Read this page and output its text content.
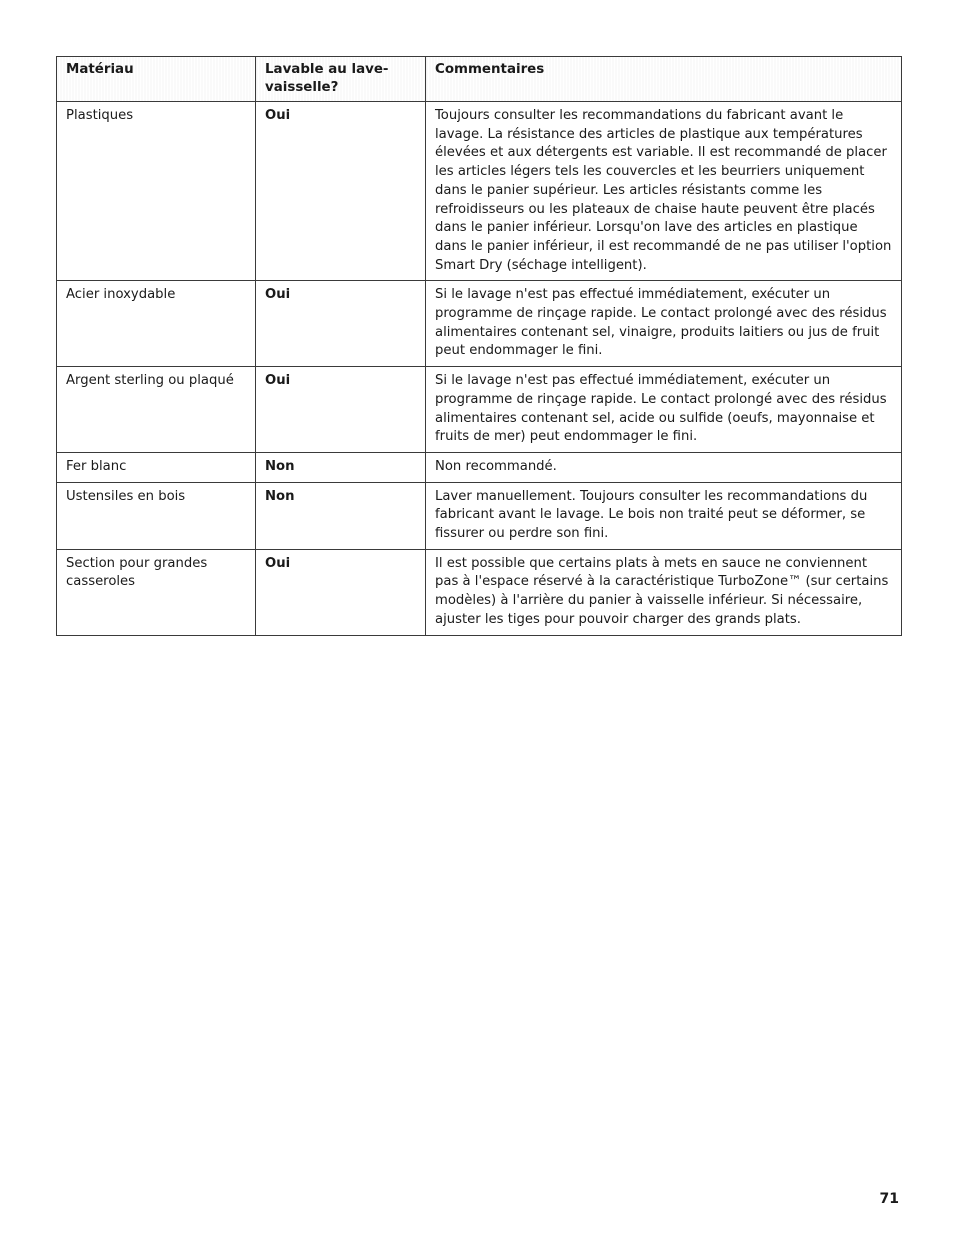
Matériau	Lavable au lave-vaisselle?	Commentaires
Plastiques	Oui	Toujours consulter les recommandations du fabricant avant le lavage. La résistance des articles de plastique aux températures élevées et aux détergents est variable. Il est recommandé de placer les articles légers tels les couvercles et les beurriers uniquement dans le panier supérieur. Les articles résistants comme les refroidisseurs ou les plateaux de chaise haute peuvent être placés dans le panier inférieur. Lorsqu'on lave des articles en plastique dans le panier inférieur, il est recommandé de ne pas utiliser l'option Smart Dry (séchage intelligent).
Acier inoxydable	Oui	Si le lavage n'est pas effectué immédiatement, exécuter un programme de rinçage rapide. Le contact prolongé avec des résidus alimentaires contenant sel, vinaigre, produits laitiers ou jus de fruit peut endommager le fini.
Argent sterling ou plaqué	Oui	Si le lavage n'est pas effectué immédiatement, exécuter un programme de rinçage rapide. Le contact prolongé avec des résidus alimentaires contenant sel, acide ou sulfide (oeufs, mayonnaise et fruits de mer) peut endommager le fini.
Fer blanc	Non	Non recommandé.
Ustensiles en bois	Non	Laver manuellement. Toujours consulter les recommandations du fabricant avant le lavage. Le bois non traité peut se déformer, se fissurer ou perdre son fini.
Section pour grandes casseroles	Oui	Il est possible que certains plats à mets en sauce ne conviennent pas à l'espace réservé à la caractéristique TurboZone™ (sur certains modèles) à l'arrière du panier à vaisselle inférieur. Si nécessaire, ajuster les tiges pour pouvoir charger des grands plats.
71
